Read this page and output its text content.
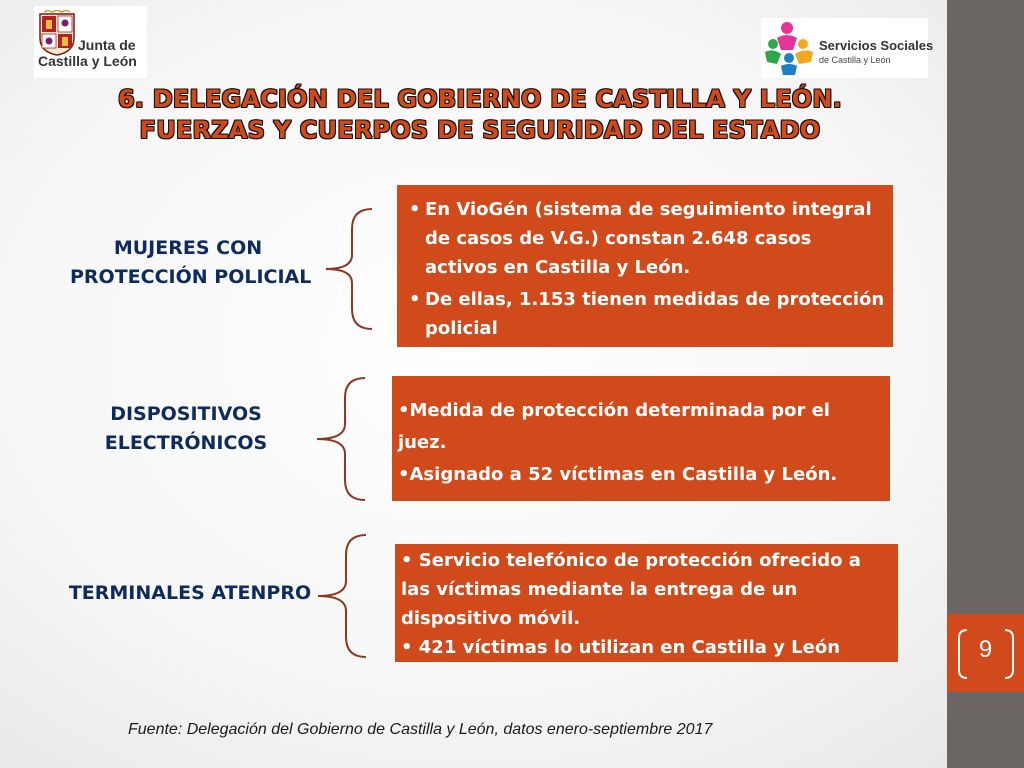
9
Junta de
Castilla y León
Servicios Sociales
de Castilla y León
6. DELEGACIÓN DEL GOBIERNO DE CASTILLA Y LEÓN.
FUERZAS Y CUERPOS DE SEGURIDAD DEL ESTADO
MUJERES CON
PROTECCIÓN POLICIAL
• En VioGén (sistema de seguimiento integral de casos de V.G.) constan 2.648 casos activos en Castilla y León.
• De ellas, 1.153 tienen medidas de protección policial
DISPOSITIVOS
ELECTRÓNICOS

•Medida de protección determinada por el juez.

•Asignado a 52 víctimas en Castilla y León.

TERMINALES ATENPRO

• Servicio telefónico de protección ofrecido a las víctimas mediante la entrega de un dispositivo móvil.

• 421 víctimas lo utilizan en Castilla y León

Fuente: Delegación del Gobierno de Castilla y León, datos enero-septiembre 2017
